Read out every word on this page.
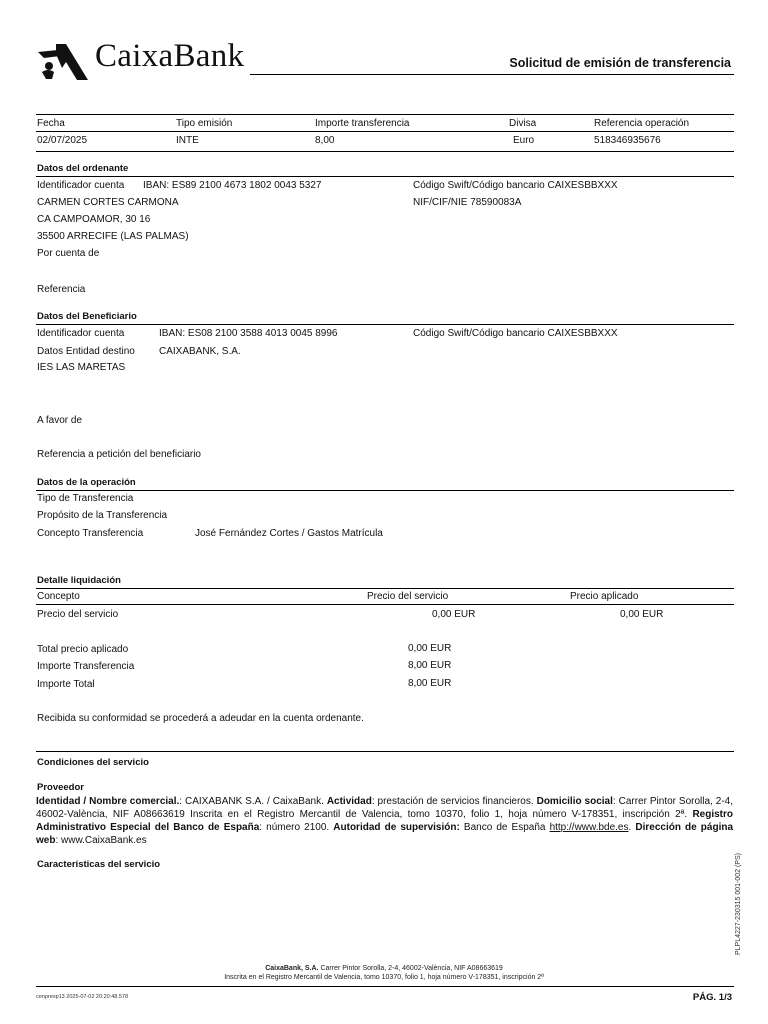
CaixaBank	Solicitud de emisión de transferencia
Fecha	Tipo emisión	Importe transferencia	Divisa	Referencia operación
02/07/2025	INTE	8,00	Euro	518346935676
Datos del ordenante
Identificador cuenta IBAN: ES89 2100 4673 1802 0043 5327	Código Swift/Código bancario CAIXESBBXXX
CARMEN CORTES CARMONA	NIF/CIF/NIE 78590083A
CA CAMPOAMOR, 30 16
35500 ARRECIFE (LAS PALMAS)
Por cuenta de
Referencia
Datos del Beneficiario
Identificador cuenta	IBAN: ES08 2100 3588 4013 0045 8996	Código Swift/Código bancario CAIXESBBXXX
Datos Entidad destino CAIXABANK, S.A.
IES LAS MARETAS
A favor de
Referencia a petición del beneficiario
Datos de la operación
Tipo de Transferencia
Propósito de la Transferencia
Concepto Transferencia	José Fernández Cortes / Gastos Matrícula
Detalle liquidación
Concepto	Precio del servicio	Precio aplicado
Precio del servicio	0,00 EUR	0,00 EUR
Total precio aplicado	0,00 EUR
Importe Transferencia	8,00 EUR
Importe Total	8,00 EUR
Recibida su conformidad se procederá a adeudar en la cuenta ordenante.
Condiciones del servicio
Proveedor
Identidad / Nombre comercial.: CAIXABANK S.A. / CaixaBank. Actividad: prestación de servicios financieros. Domicilio social: Carrer Pintor Sorolla, 2-4, 46002-València, NIF A08663619 Inscrita en el Registro Mercantil de Valencia, tomo 10370, folio 1, hoja número V-178351, inscripción 2ª. Registro Administrativo Especial del Banco de España: número 2100. Autoridad de supervisión: Banco de España http://www.bde.es. Dirección de página web: www.CaixaBank.es
Características del servicio	PLPL4227-230315 001-002 (PS)
CaixaBank, S.A. Carrer Pintor Sorolla, 2-4, 46002-València, NIF A08663619
Inscrita en el Registro Mercantil de Valencia, tomo 10370, folio 1, hoja número V-178351, inscripción 2ª
cenpresp13 2025-07-02 20:20:48.578	PÁG. 1/3
